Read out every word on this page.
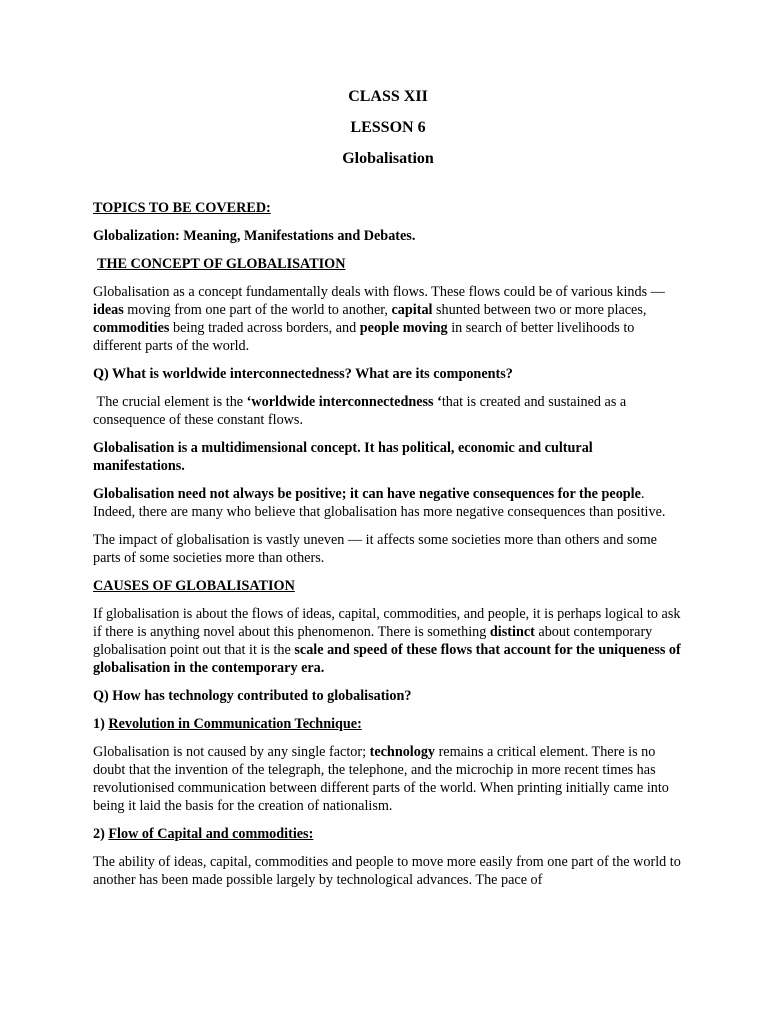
CLASS XII
LESSON 6
Globalisation

TOPICS TO BE COVERED:

Globalization: Meaning, Manifestations and Debates.

THE CONCEPT OF GLOBALISATION

Globalisation as a concept fundamentally deals with flows. These flows could be of various kinds — ideas moving from one part of the world to another, capital shunted between two or more places, commodities being traded across borders, and people moving in search of better livelihoods to different parts of the world.

Q) What is worldwide interconnectedness? What are its components?

The crucial element is the ‘worldwide interconnectedness ‘that is created and sustained as a consequence of these constant flows.

Globalisation is a multidimensional concept. It has political, economic and cultural manifestations.

Globalisation need not always be positive; it can have negative consequences for the people. Indeed, there are many who believe that globalisation has more negative consequences than positive.

The impact of globalisation is vastly uneven — it affects some societies more than others and some parts of some societies more than others.

CAUSES OF GLOBALISATION

If globalisation is about the flows of ideas, capital, commodities, and people, it is perhaps logical to ask if there is anything novel about this phenomenon. There is something distinct about contemporary globalisation point out that it is the scale and speed of these flows that account for the uniqueness of globalisation in the contemporary era.

Q) How has technology contributed to globalisation?

1) Revolution in Communication Technique:

Globalisation is not caused by any single factor; technology remains a critical element. There is no doubt that the invention of the telegraph, the telephone, and the microchip in more recent times has revolutionised communication between different parts of the world. When printing initially came into being it laid the basis for the creation of nationalism.

2) Flow of Capital and commodities:

The ability of ideas, capital, commodities and people to move more easily from one part of the world to another has been made possible largely by technological advances. The pace of
